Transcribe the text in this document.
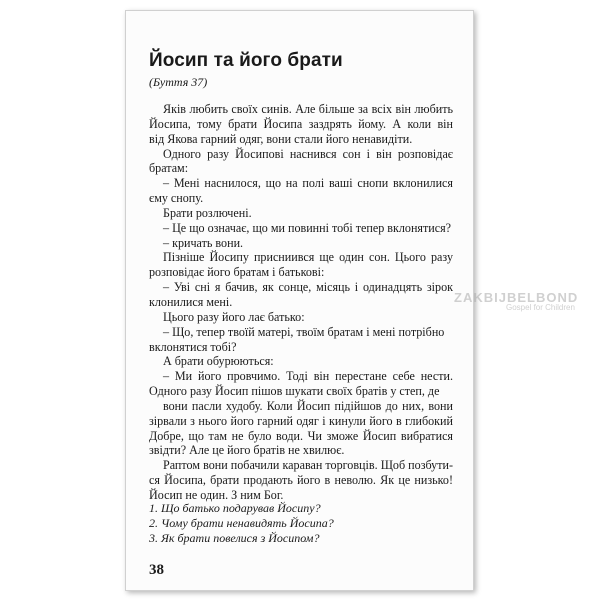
Йосип та його брати
(Буття 37)
Яків любить своїх синів. Але більше за всіх він любить
Йосипа, тому брати Йосипа заздрять йому. А коли він
від Якова гарний одяг, вони стали його ненавидіти.
Одного разу Йосипові наснився сон і він розповідає
братам:
– Мені наснилося, що на полі ваші снопи вклонилися
єму снопу.
Брати розлючені.
– Це що означає, що ми повинні тобі тепер вклонятися?
– кричать вони.
Пізніше Йосипу присниився ще один сон. Цього разу
розповідає його братам і батькові:
– Уві сні я бачив, як сонце, місяць і одинадцять зірок
клонилися мені.
Цього разу його лає батько:
– Що, тепер твоїй матері, твоїм братам і мені потрібно
вклонятися тобі?
А брати обурюються:
– Ми його провчимо. Тоді він перестане себе нести.
Одного разу Йосип пішов шукати своїх братів у степ, де
вони пасли худобу. Коли Йосип підійшов до них, вони
зірвали з нього його гарний одяг і кинули його в глибокий
Добре, що там не було води. Чи зможе Йосип вибратися
звідти? Але це його братів не хвилює.
Раптом вони побачили караван торговців. Щоб позбути-
ся Йосипа, брати продають його в неволю. Як це низько!
Йосип не один. З ним Бог.
1. Що батько подарував Йосипу?
2. Чому брати ненавидять Йосипа?
3. Як брати повелися з Йосипом?
38
ZAKBIJBELBOND
Gospel for Children
